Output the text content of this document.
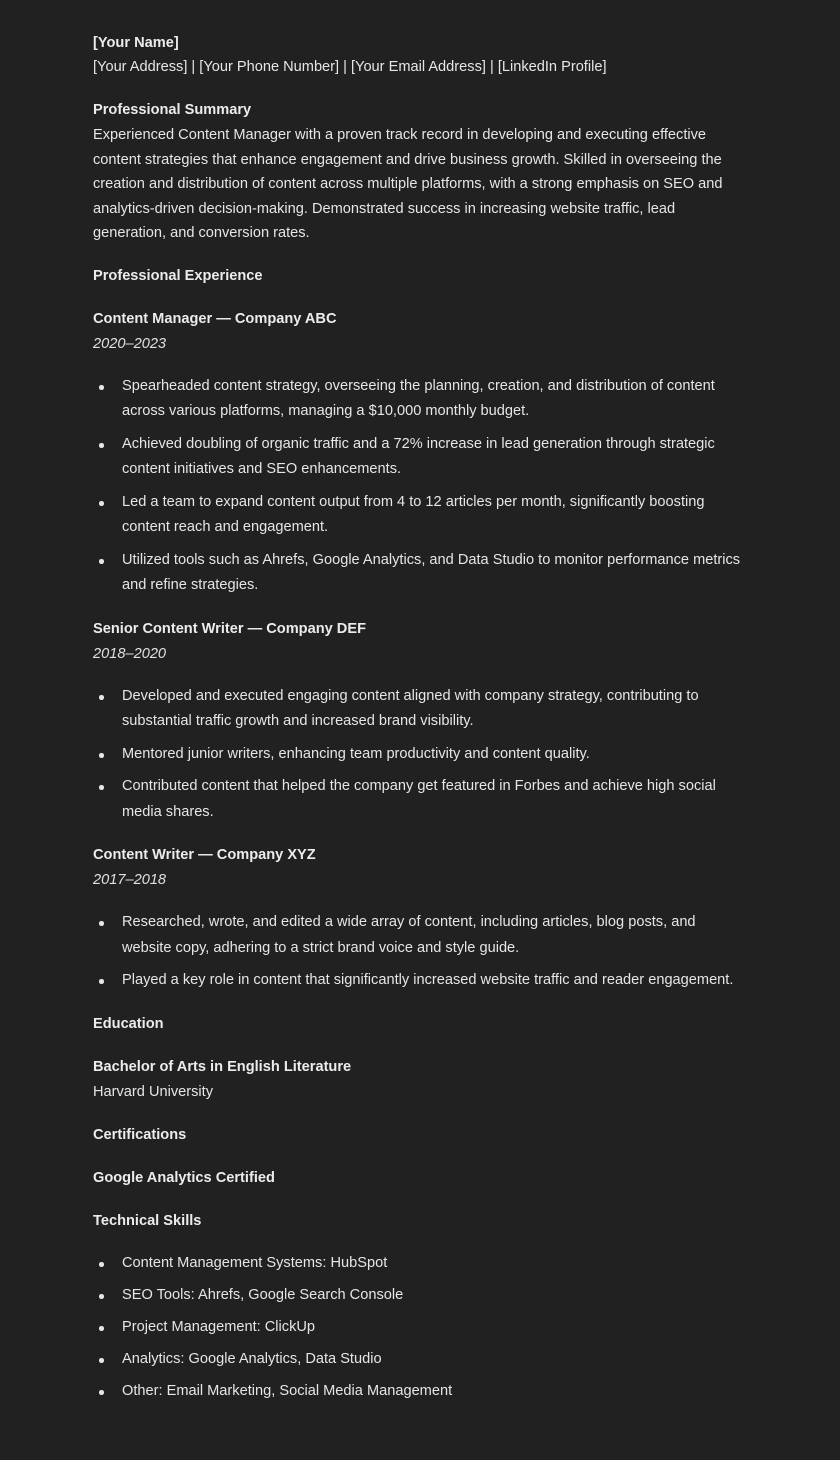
[Your Name]
[Your Address] | [Your Phone Number] | [Your Email Address] | [LinkedIn Profile]
Professional Summary
Experienced Content Manager with a proven track record in developing and executing effective content strategies that enhance engagement and drive business growth. Skilled in overseeing the creation and distribution of content across multiple platforms, with a strong emphasis on SEO and analytics-driven decision-making. Demonstrated success in increasing website traffic, lead generation, and conversion rates.
Professional Experience
Content Manager — Company ABC
2020–2023
Spearheaded content strategy, overseeing the planning, creation, and distribution of content across various platforms, managing a $10,000 monthly budget.
Achieved doubling of organic traffic and a 72% increase in lead generation through strategic content initiatives and SEO enhancements.
Led a team to expand content output from 4 to 12 articles per month, significantly boosting content reach and engagement.
Utilized tools such as Ahrefs, Google Analytics, and Data Studio to monitor performance metrics and refine strategies.
Senior Content Writer — Company DEF
2018–2020
Developed and executed engaging content aligned with company strategy, contributing to substantial traffic growth and increased brand visibility.
Mentored junior writers, enhancing team productivity and content quality.
Contributed content that helped the company get featured in Forbes and achieve high social media shares.
Content Writer — Company XYZ
2017–2018
Researched, wrote, and edited a wide array of content, including articles, blog posts, and website copy, adhering to a strict brand voice and style guide.
Played a key role in content that significantly increased website traffic and reader engagement.
Education
Bachelor of Arts in English Literature
Harvard University
Certifications
Google Analytics Certified
Technical Skills
Content Management Systems: HubSpot
SEO Tools: Ahrefs, Google Search Console
Project Management: ClickUp
Analytics: Google Analytics, Data Studio
Other: Email Marketing, Social Media Management
